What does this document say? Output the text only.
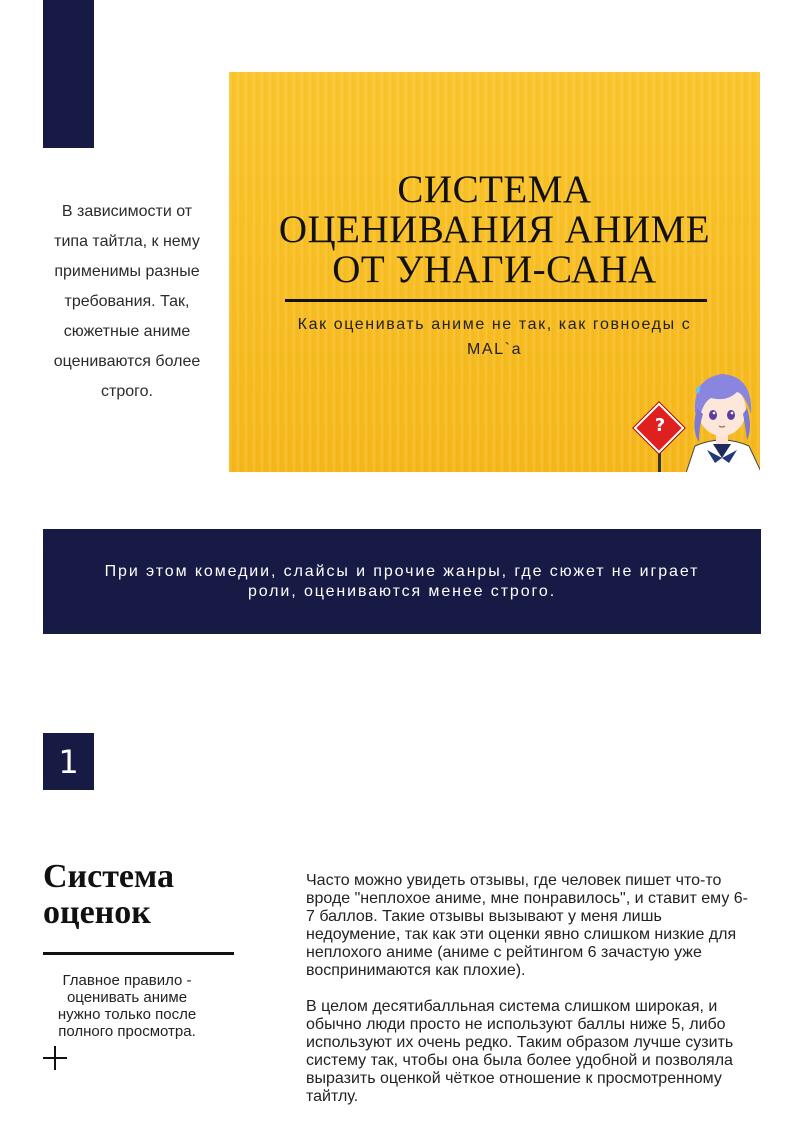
В зависимости от типа тайтла, к нему применимы разные требования. Так, сюжетные аниме оцениваются более строго.
СИСТЕМА ОЦЕНИВАНИЯ АНИМЕ ОТ УНАГИ-САНА
Как оценивать аниме не так, как говноеды с MAL`a
?
При этом комедии, слайсы и прочие жанры, где сюжет не играет роли, оцениваются менее строго.
1
Система оценок
Главное правило - оценивать аниме нужно только после полного просмотра.

Часто можно увидеть отзывы, где человек пишет что-то вроде "неплохое аниме, мне понравилось", и ставит ему 6-7 баллов. Такие отзывы вызывают у меня лишь недоумение, так как эти оценки явно слишком низкие для неплохого аниме (аниме с рейтингом 6 зачастую уже воспринимаются как плохие).

В целом десятибалльная система слишком широкая, и обычно люди просто не используют баллы ниже 5, либо используют их очень редко. Таким образом лучше сузить систему так, чтобы она была более удобной и позволяла выразить оценкой чёткое отношение к просмотренному тайтлу.
